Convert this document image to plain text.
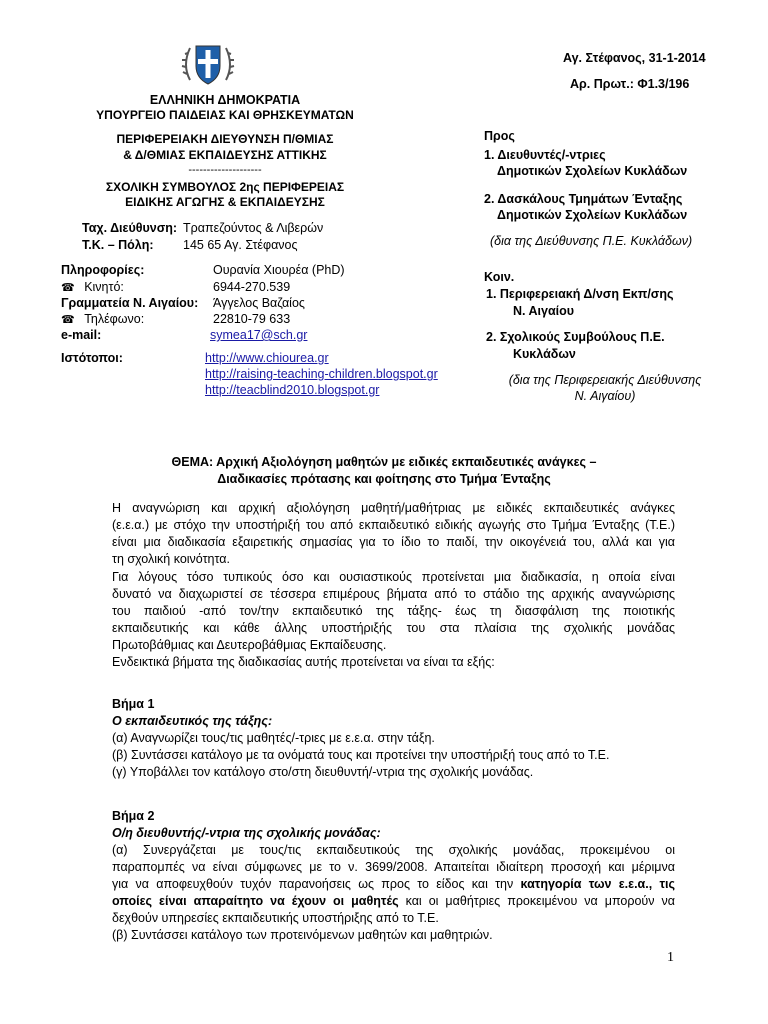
Αγ. Στέφανος, 31-1-2014
Αρ. Πρωτ.: Φ1.3/196
ΕΛΛΗΝΙΚΗ ΔΗΜΟΚΡΑΤΙΑ
ΥΠΟΥΡΓΕΙΟ ΠΑΙΔΕΙΑΣ ΚΑΙ ΘΡΗΣΚΕΥΜΑΤΩΝ
ΠΕΡΙΦΕΡΕΙΑΚΗ ΔΙΕΥΘΥΝΣΗ Π/ΘΜΙΑΣ
& Δ/ΘΜΙΑΣ ΕΚΠΑΙΔΕΥΣΗΣ ΑΤΤΙΚΗΣ
--------------------
ΣΧΟΛΙΚΗ ΣΥΜΒΟΥΛΟΣ 2ης ΠΕΡΙΦΕΡΕΙΑΣ
ΕΙΔΙΚΗΣ ΑΓΩΓΗΣ & ΕΚΠΑΙΔΕΥΣΗΣ
Ταχ. Διεύθυνση: Τραπεζούντος & Λιβερών
Τ.Κ. – Πόλη: 145 65 Αγ. Στέφανος
Πληροφορίες:	Ουρανία Χιουρέα (PhD)
☎ Κινητό:	6944-270.539
Γραμματεία Ν. Αιγαίου: Άγγελος Βαζαίος
☎ Τηλέφωνο:	22810-79 633
e-mail:	symea17@sch.gr
Ιστότοποι:	http://www.chiourea.gr
http://raising-teaching-children.blogspot.gr
http://teacblind2010.blogspot.gr
Προς
1. Διευθυντές/-ντριες
Δημοτικών Σχολείων Κυκλάδων
2. Δασκάλους Τμημάτων Ένταξης
Δημοτικών Σχολείων Κυκλάδων
(δια της Διεύθυνσης Π.Ε. Κυκλάδων)
Κοιν.
1. Περιφερειακή Δ/νση Εκπ/σης
Ν. Αιγαίου
2. Σχολικούς Συμβούλους Π.Ε.
Κυκλάδων
(δια της Περιφερειακής Διεύθυνσης
Ν. Αιγαίου)
ΘΕΜΑ: Αρχική Αξιολόγηση μαθητών με ειδικές εκπαιδευτικές ανάγκες –
Διαδικασίες πρότασης και φοίτησης στο Τμήμα Ένταξης
Η αναγνώριση και αρχική αξιολόγηση μαθητή/μαθήτριας με ειδικές εκπαιδευτικές ανάγκες
(ε.ε.α.) με στόχο την υποστήριξή του από εκπαιδευτικό ειδικής αγωγής στο Τμήμα Ένταξης (Τ.Ε.)
είναι μια διαδικασία εξαιρετικής σημασίας για το ίδιο το παιδί, την οικογένειά του, αλλά και για
τη σχολική κοινότητα.
Για λόγους τόσο τυπικούς όσο και ουσιαστικούς προτείνεται μια διαδικασία, η οποία είναι
δυνατό να διαχωριστεί σε τέσσερα επιμέρους βήματα από το στάδιο της αρχικής αναγνώρισης
του παιδιού -από τον/την εκπαιδευτικό της τάξης- έως τη διασφάλιση της ποιοτικής
εκπαιδευτικής και κάθε άλλης υποστήριξής του στα πλαίσια της σχολικής μονάδας
Πρωτοβάθμιας και Δευτεροβάθμιας Εκπαίδευσης.
Ενδεικτικά βήματα της διαδικασίας αυτής προτείνεται να είναι τα εξής:
Βήμα 1
Ο εκπαιδευτικός της τάξης:
(α) Αναγνωρίζει τους/τις μαθητές/-τριες με ε.ε.α. στην τάξη.
(β) Συντάσσει κατάλογο με τα ονόματά τους και προτείνει την υποστήριξή τους από το Τ.Ε.
(γ) Υποβάλλει τον κατάλογο στο/στη διευθυντή/-ντρια της σχολικής μονάδας.
Βήμα 2
Ο/η διευθυντής/-ντρια της σχολικής μονάδας:
(α) Συνεργάζεται με τους/τις εκπαιδευτικούς της σχολικής μονάδας, προκειμένου οι
παραπομπές να είναι σύμφωνες με το ν. 3699/2008. Απαιτείται ιδιαίτερη προσοχή και μέριμνα
για να αποφευχθούν τυχόν παρανοήσεις ως προς το είδος και την κατηγορία των ε.ε.α., τις
οποίες είναι απαραίτητο να έχουν οι μαθητές και οι μαθήτριες προκειμένου να μπορούν να
δεχθούν υπηρεσίες εκπαιδευτικής υποστήριξης από το Τ.Ε.
(β) Συντάσσει κατάλογο των προτεινόμενων μαθητών και μαθητριών.
1
